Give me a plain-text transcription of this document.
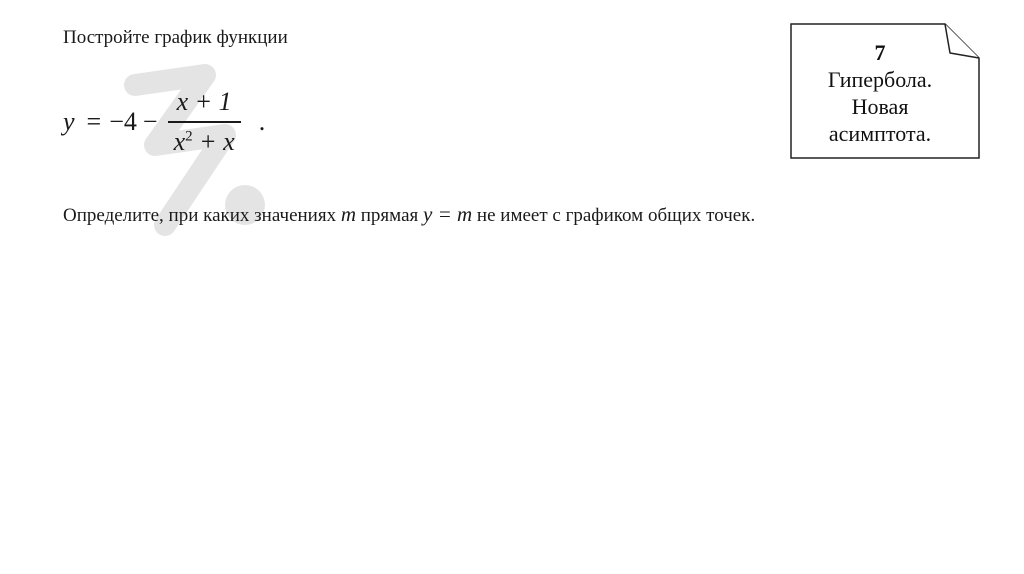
Постройте график функции
$y = -4 - \frac{x + 1}{x^2 + x}$ .
Определите, при каких значениях m прямая y = m не имеет с графиком общих точек.
7
Гипербола.
Новая
асимптота.
